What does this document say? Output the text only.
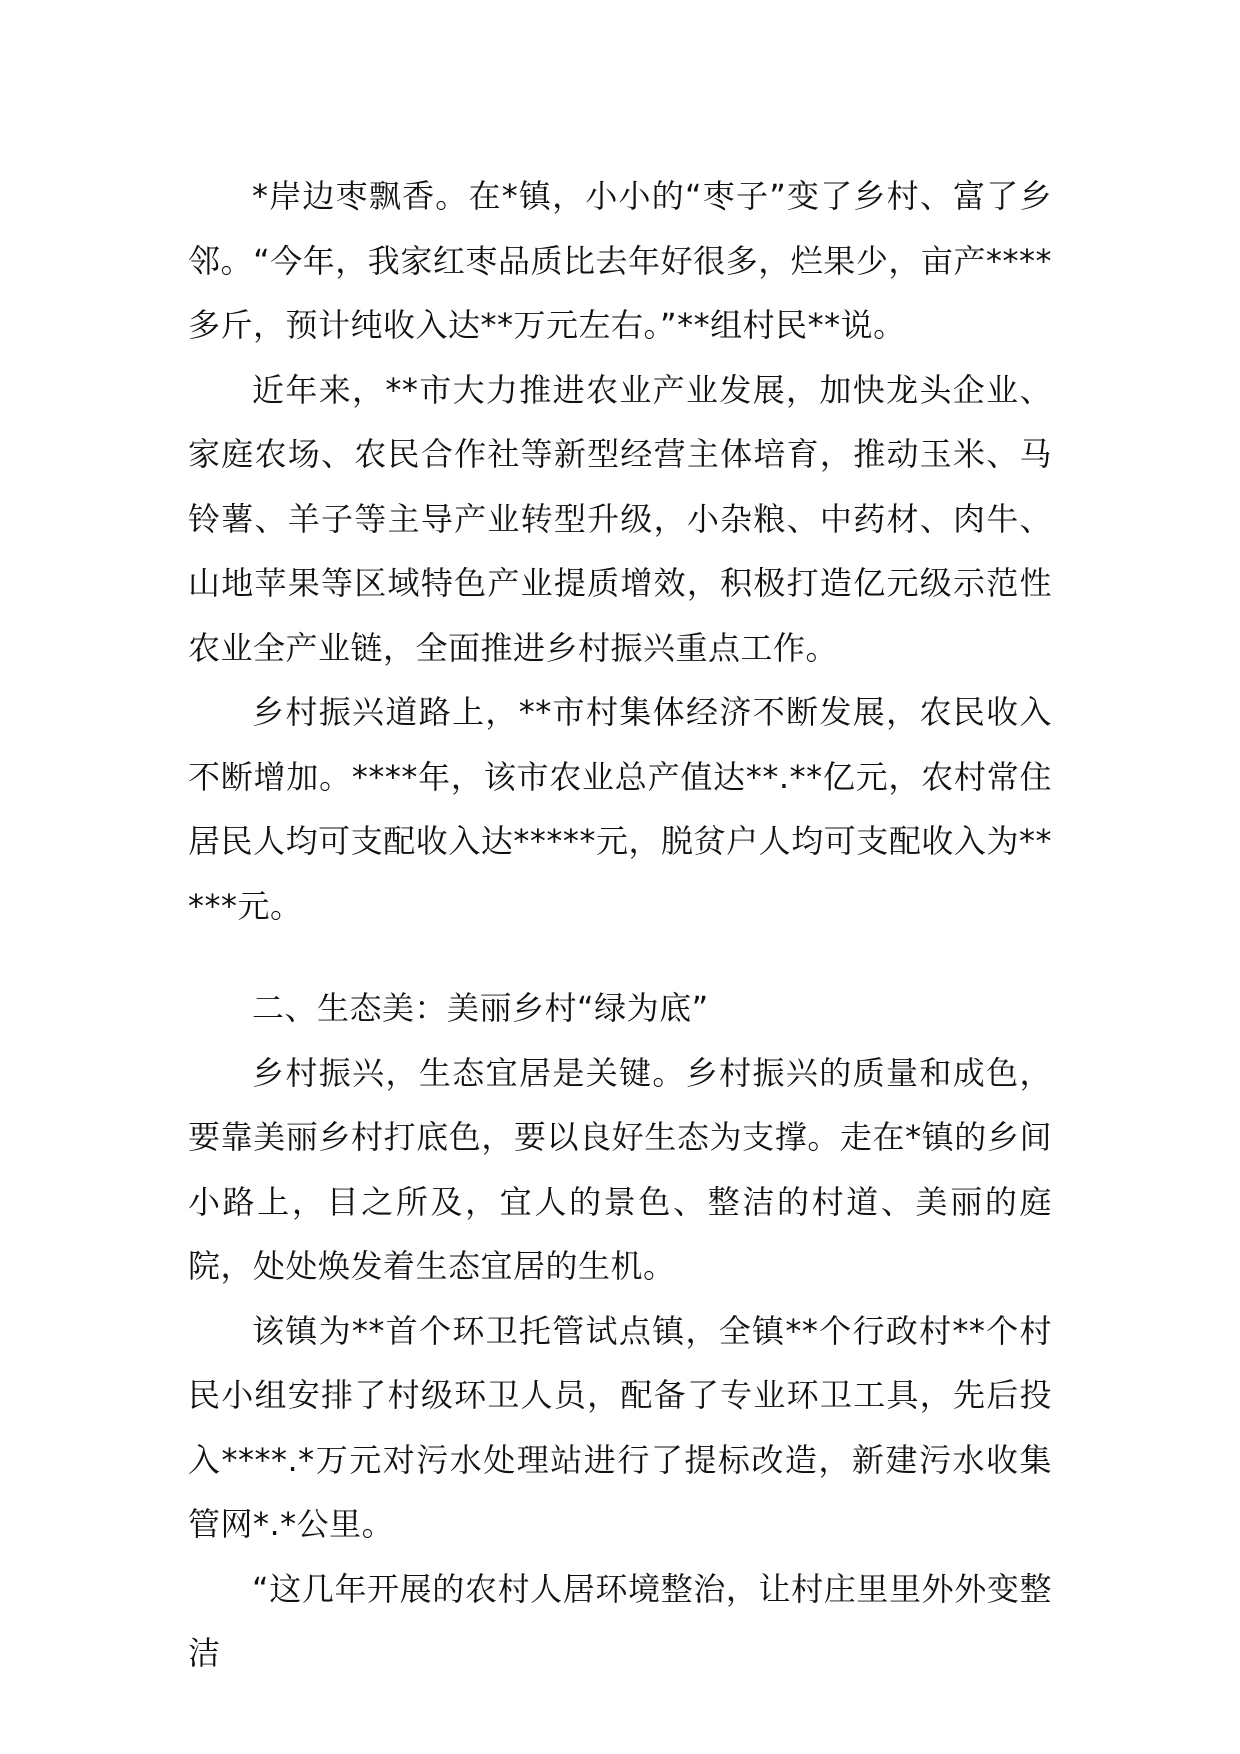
*岸边枣飘香。在*镇，小小的“枣子”变了乡村、富了乡邻。“今年，我家红枣品质比去年好很多，烂果少，亩产****多斤，预计纯收入达**万元左右。”**组村民**说。

近年来，**市大力推进农业产业发展，加快龙头企业、家庭农场、农民合作社等新型经营主体培育，推动玉米、马铃薯、羊子等主导产业转型升级，小杂粮、中药材、肉牛、山地苹果等区域特色产业提质增效，积极打造亿元级示范性农业全产业链，全面推进乡村振兴重点工作。

乡村振兴道路上，**市村集体经济不断发展，农民收入不断增加。****年，该市农业总产值达**.**亿元，农村常住居民人均可支配收入达*****元，脱贫户人均可支配收入为*****元。

二、生态美：美丽乡村“绿为底”

乡村振兴，生态宜居是关键。乡村振兴的质量和成色，要靠美丽乡村打底色，要以良好生态为支撑。走在*镇的乡间小路上，目之所及，宜人的景色、整洁的村道、美丽的庭院，处处焕发着生态宜居的生机。

该镇为**首个环卫托管试点镇，全镇**个行政村**个村民小组安排了村级环卫人员，配备了专业环卫工具，先后投入****.*万元对污水处理站进行了提标改造，新建污水收集管网*.*公里。

“这几年开展的农村人居环境整治，让村庄里里外外变整洁
